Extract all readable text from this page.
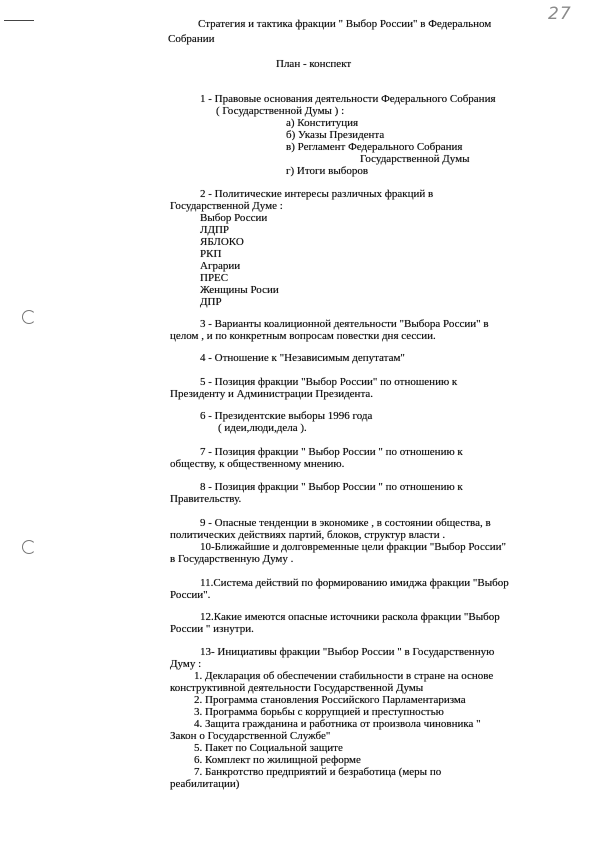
27
Стратегия и тактика фракции " Выбор России" в Федеральном
Собрании
План - конспект
1 - Правовые основания деятельности Федерального Собрания
( Государственной Думы ) :
а) Конституция
б) Указы Президента
в) Регламент Федерального Собрания
Государственной Думы
г) Итоги выборов
2 - Политические интересы различных фракций в
Государственной Думе :
Выбор России
ЛДПР
ЯБЛОКО
РКП
Аграрии
ПРЕС
Женщины Росии
ДПР
3 - Варианты коалиционной деятельности "Выбора России" в
целом , и по конкретным вопросам повестки дня сессии.
4 - Отношение к "Независимым депутатам"
5 - Позиция фракции "Выбор России" по отношению к
Президенту и Администрации Президента.
6 - Президентские выборы 1996 года
( идеи,люди,дела ).
7 - Позиция фракции " Выбор России " по отношению к
обществу, к общественному мнению.
8 - Позиция фракции " Выбор России " по отношению к
Правительству.
9 - Опасные тенденции в экономике , в состоянии общества, в
политических действиях партий, блоков, структур власти .
10-Ближайшие и долговременные цели фракции "Выбор России"
в Государственную Думу .
11.Система действий по формированию имиджа фракции "Выбор
России".
12.Какие имеются опасные источники раскола фракции "Выбор
России " изнутри.
13- Инициативы фракции "Выбор России " в Государственную
Думу :
1. Декларация об обеспечении стабильности в стране на основе
конструктивной деятельности Государственной Думы
2. Программа становления Российского Парламентаризма
3. Программа борьбы с коррупцией и преступностью
4. Защита гражданина и работника от произвола чиновника "
Закон о Государственной Службе"
5. Пакет по Социальной защите
6. Комплект по жилищной реформе
7. Банкротство предприятий и безработица (меры по
реабилитации)
